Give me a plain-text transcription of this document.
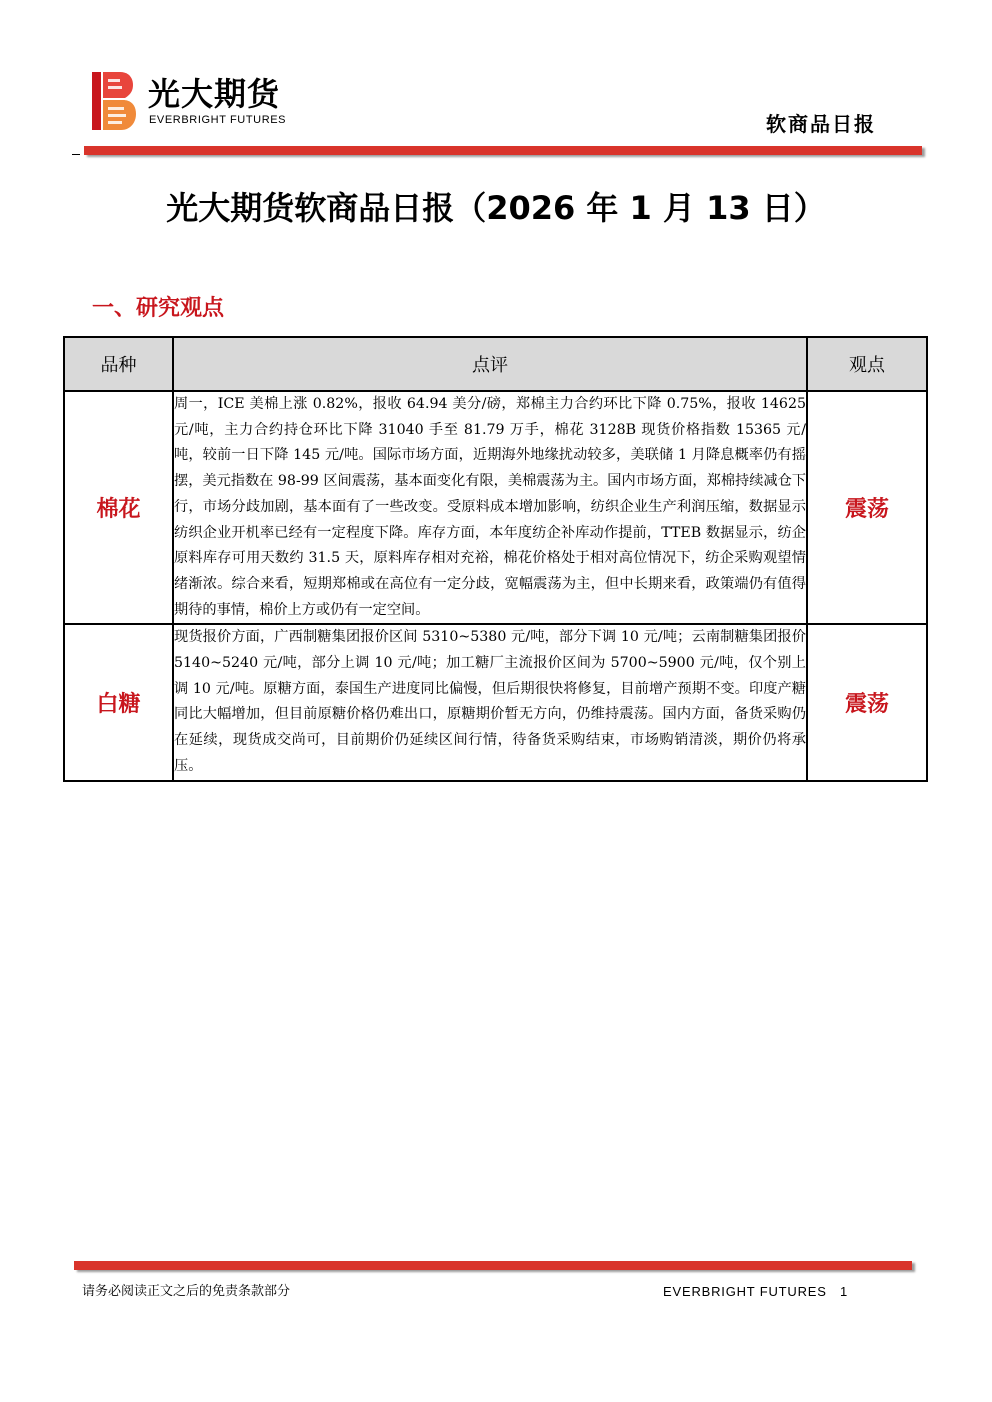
光大期货
EVERBRIGHT FUTURES	软商品日报
光大期货软商品日报（2026 年 1 月 13 日）
一、研究观点
品种	点评	观点
棉花	周一，ICE 美棉上涨 0.82%，报收 64.94 美分/磅，郑棉主力合约环比下降 0.75%，报收 14625 元/吨，主力合约持仓环比下降 31040 手至 81.79 万手，棉花 3128B 现货价格指数 15365 元/吨，较前一日下降 145 元/吨。国际市场方面，近期海外地缘扰动较多，美联储 1 月降息概率仍有摇摆，美元指数在 98-99 区间震荡，基本面变化有限，美棉震荡为主。国内市场方面，郑棉持续减仓下行，市场分歧加剧，基本面有了一些改变。受原料成本增加影响，纺织企业生产利润压缩，数据显示纺织企业开机率已经有一定程度下降。库存方面，本年度纺企补库动作提前，TTEB 数据显示，纺企原料库存可用天数约 31.5 天，原料库存相对充裕，棉花价格处于相对高位情况下，纺企采购观望情绪渐浓。综合来看，短期郑棉或在高位有一定分歧，宽幅震荡为主，但中长期来看，政策端仍有值得期待的事情，棉价上方或仍有一定空间。	震荡
白糖	现货报价方面，广西制糖集团报价区间 5310~5380 元/吨，部分下调 10 元/吨；云南制糖集团报价 5140~5240 元/吨，部分上调 10 元/吨；加工糖厂主流报价区间为 5700~5900 元/吨，仅个别上调 10 元/吨。原糖方面，泰国生产进度同比偏慢，但后期很快将修复，目前增产预期不变。印度产糖同比大幅增加，但目前原糖价格仍难出口，原糖期价暂无方向，仍维持震荡。国内方面，备货采购仍在延续，现货成交尚可，目前期价仍延续区间行情，待备货采购结束，市场购销清淡，期价仍将承压。	震荡
请务必阅读正文之后的免责条款部分	EVERBRIGHT FUTURES 1
